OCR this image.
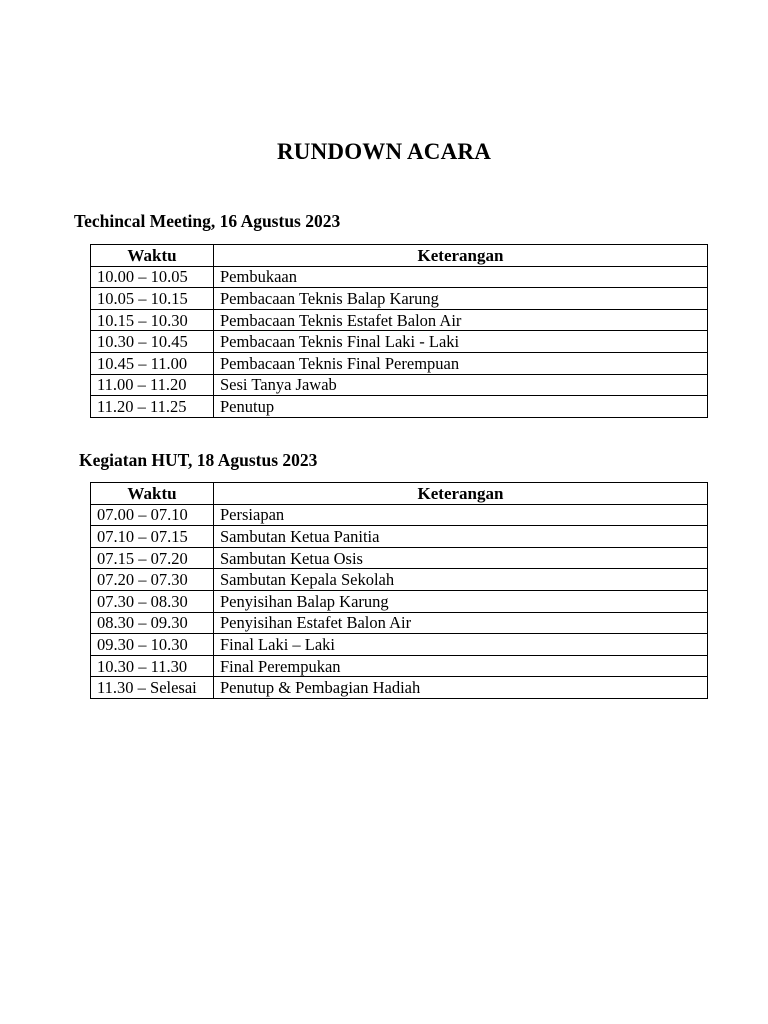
RUNDOWN ACARA
Techincal Meeting, 16 Agustus 2023
Waktu	Keterangan
10.00 – 10.05	Pembukaan
10.05 – 10.15	Pembacaan Teknis Balap Karung
10.15 – 10.30	Pembacaan Teknis Estafet Balon Air
10.30 – 10.45	Pembacaan Teknis Final Laki - Laki
10.45 – 11.00	Pembacaan Teknis Final Perempuan
11.00 – 11.20	Sesi Tanya Jawab
11.20 – 11.25	Penutup
Kegiatan HUT, 18 Agustus 2023
Waktu	Keterangan

07.00 – 07.10	Persiapan
07.10 – 07.15	Sambutan Ketua Panitia
07.15 – 07.20	Sambutan Ketua Osis
07.20 – 07.30	Sambutan Kepala Sekolah
07.30 – 08.30	Penyisihan Balap Karung
08.30 – 09.30	Penyisihan Estafet Balon Air
09.30 – 10.30	Final Laki – Laki
10.30 – 11.30	Final Perempukan
11.30 – Selesai	Penutup & Pembagian Hadiah
